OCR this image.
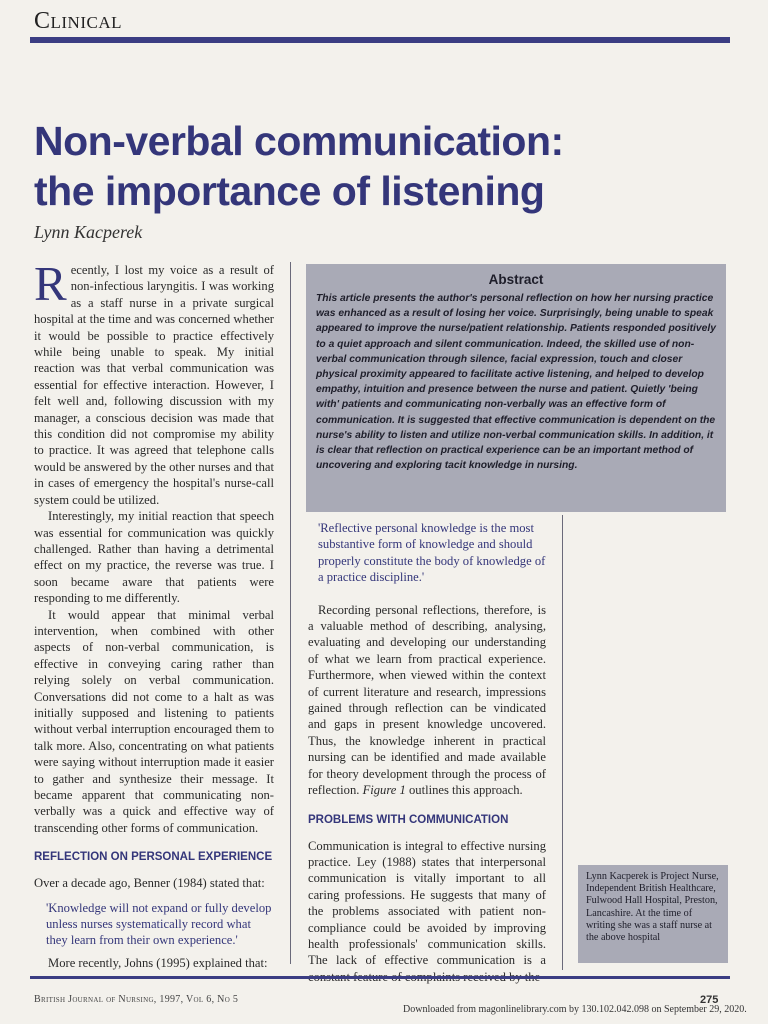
Clinical
Non-verbal communication:
the importance of listening
Lynn Kacperek

Recently, I lost my voice as a result of non-infectious laryngitis. I was working as a staff nurse in a private surgical hospital at the time and was concerned whether it would be possible to practice effectively while being unable to speak. My initial reaction was that verbal communication was essential for effective interaction. However, I felt well and, following discussion with my manager, a conscious decision was made that this condition did not compromise my ability to practice. It was agreed that telephone calls would be answered by the other nurses and that in cases of emergency the hospital's nurse-call system could be utilized.

Interestingly, my initial reaction that speech was essential for communication was quickly challenged. Rather than having a detrimental effect on my practice, the reverse was true. I soon became aware that patients were responding to me differently.

It would appear that minimal verbal intervention, when combined with other aspects of non-verbal communication, is effective in conveying caring rather than relying solely on verbal communication. Conversations did not come to a halt as was initially supposed and listening to patients without verbal interruption encouraged them to talk more. Also, concentrating on what patients were saying without interruption made it easier to gather and synthesize their message. It became apparent that communicating non-verbally was a quick and effective way of transcending other forms of communication.

REFLECTION ON PERSONAL EXPERIENCE

Over a decade ago, Benner (1984) stated that:

'Knowledge will not expand or fully develop unless nurses systematically record what they learn from their own experience.'

More recently, Johns (1995) explained that:

Abstract

This article presents the author's personal reflection on how her nursing practice was enhanced as a result of losing her voice. Surprisingly, being unable to speak appeared to improve the nurse/patient relationship. Patients responded positively to a quiet approach and silent communication. Indeed, the skilled use of non-verbal communication through silence, facial expression, touch and closer physical proximity appeared to facilitate active listening, and helped to develop empathy, intuition and presence between the nurse and patient. Quietly 'being with' patients and communicating non-verbally was an effective form of communication. It is suggested that effective communication is dependent on the nurse's ability to listen and utilize non-verbal communication skills. In addition, it is clear that reflection on practical experience can be an important method of uncovering and exploring tacit knowledge in nursing.

'Reflective personal knowledge is the most substantive form of knowledge and should properly constitute the body of knowledge of a practice discipline.'

Recording personal reflections, therefore, is a valuable method of describing, analysing, evaluating and developing our understanding of what we learn from practical experience. Furthermore, when viewed within the context of current literature and research, impressions gained through reflection can be vindicated and gaps in present knowledge uncovered. Thus, the knowledge inherent in practical nursing can be identified and made available for theory development through the process of reflection. Figure 1 outlines this approach.

PROBLEMS WITH COMMUNICATION

Communication is integral to effective nursing practice. Ley (1988) states that interpersonal communication is vitally important to all caring professions. He suggests that many of the problems associated with patient non-compliance could be avoided by improving health professionals' communication skills. The lack of effective communication is a

Lynn Kacperek is Project Nurse, Independent British Healthcare, Fulwood Hall Hospital, Preston, Lancashire. At the time of writing she was a staff nurse at the above hospital
British Journal of Nursing, 1997, Vol 6, No 5	275
Downloaded from magonlinelibrary.com by 130.102.042.098 on September 29, 2020.
